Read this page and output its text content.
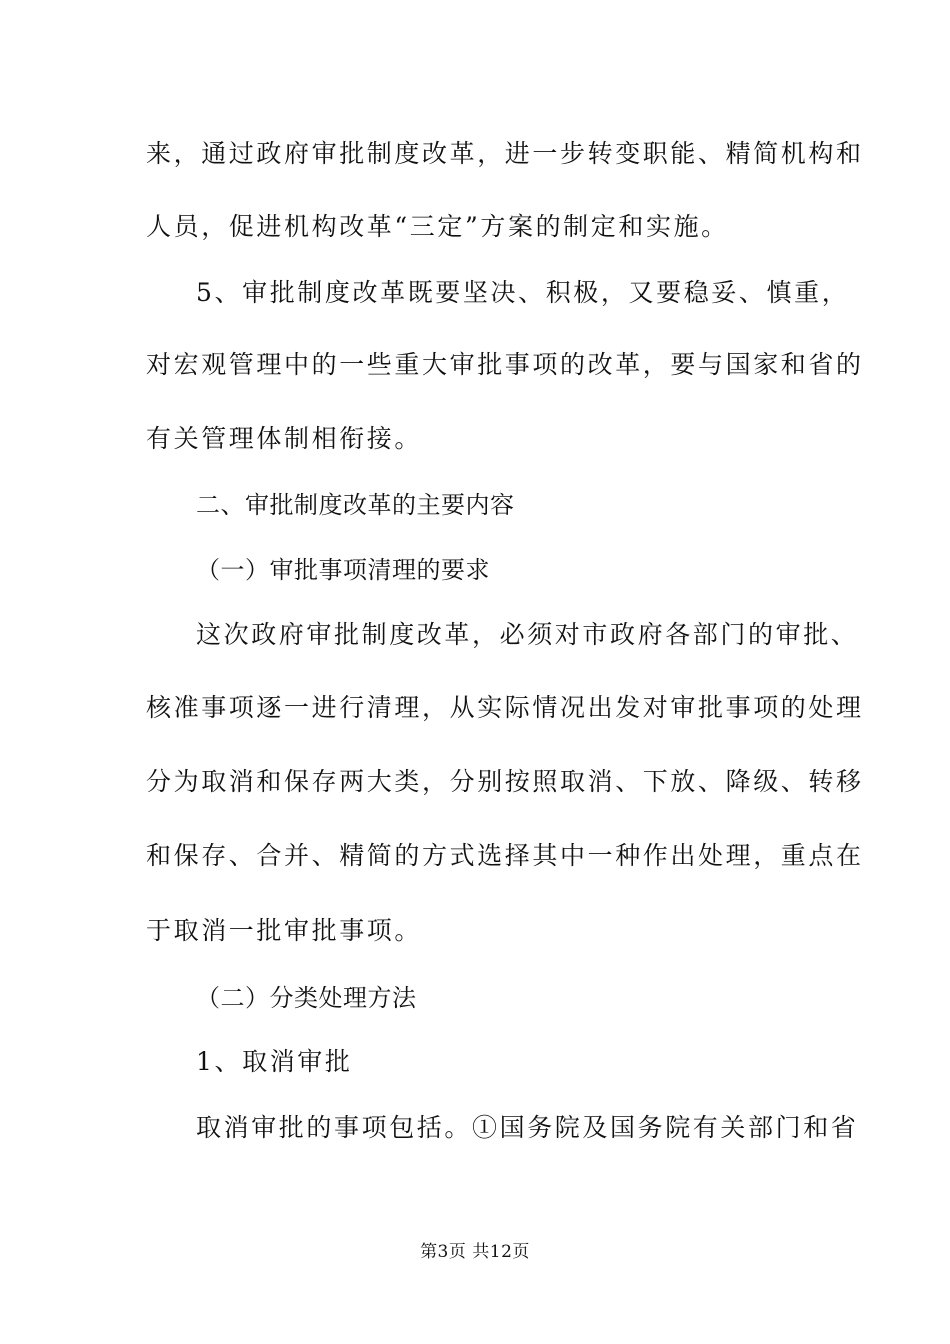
来，通过政府审批制度改革，进一步转变职能、精简机构和
人员，促进机构改革“三定”方案的制定和实施。
5、审批制度改革既要坚决、积极，又要稳妥、慎重，
对宏观管理中的一些重大审批事项的改革，要与国家和省的
有关管理体制相衔接。
二、审批制度改革的主要内容
（一）审批事项清理的要求
这次政府审批制度改革，必须对市政府各部门的审批、
核准事项逐一进行清理，从实际情况出发对审批事项的处理
分为取消和保存两大类，分别按照取消、下放、降级、转移
和保存、合并、精简的方式选择其中一种作出处理，重点在
于取消一批审批事项。
（二）分类处理方法
1、取消审批
取消审批的事项包括。①国务院及国务院有关部门和省
第3页 共12页
